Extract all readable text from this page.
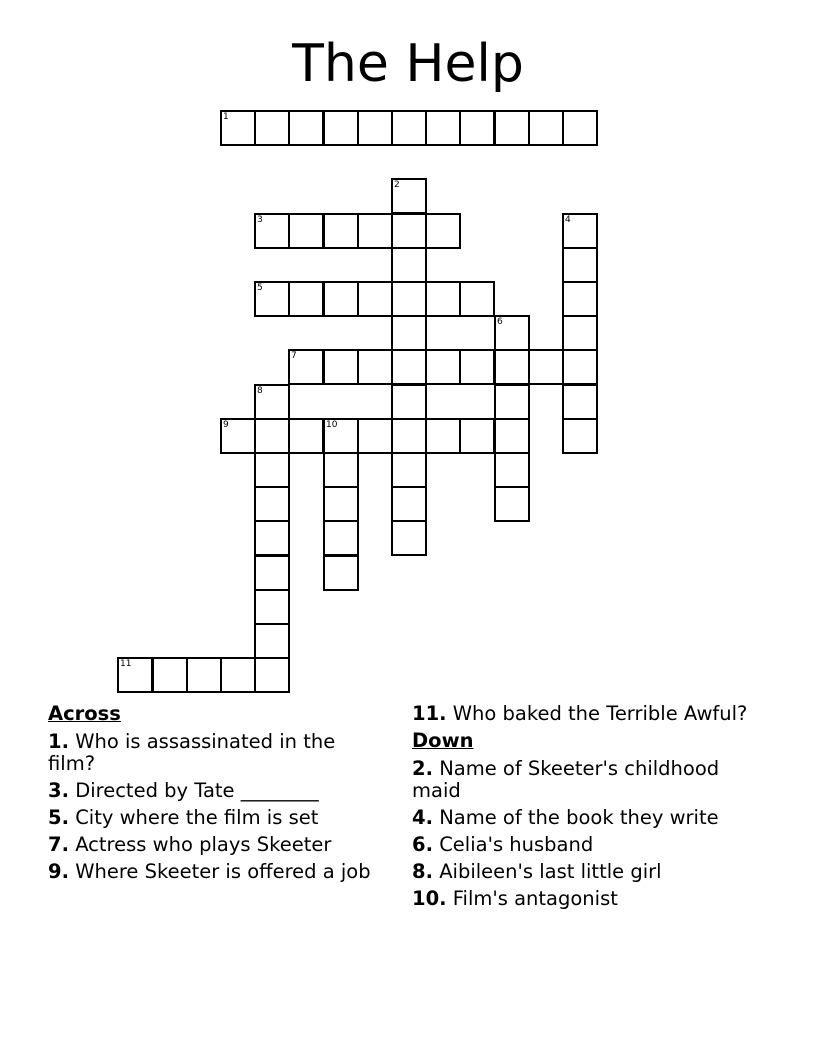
The Help
1
2
3	4
5
6
7
8
9	10
11
Across
1. Who is assassinated in the film?
3. Directed by Tate ________
5. City where the film is set
7. Actress who plays Skeeter
9. Where Skeeter is offered a job
11. Who baked the Terrible Awful?
Down
2. Name of Skeeter's childhood maid
4. Name of the book they write
6. Celia's husband
8. Aibileen's last little girl
10. Film's antagonist
